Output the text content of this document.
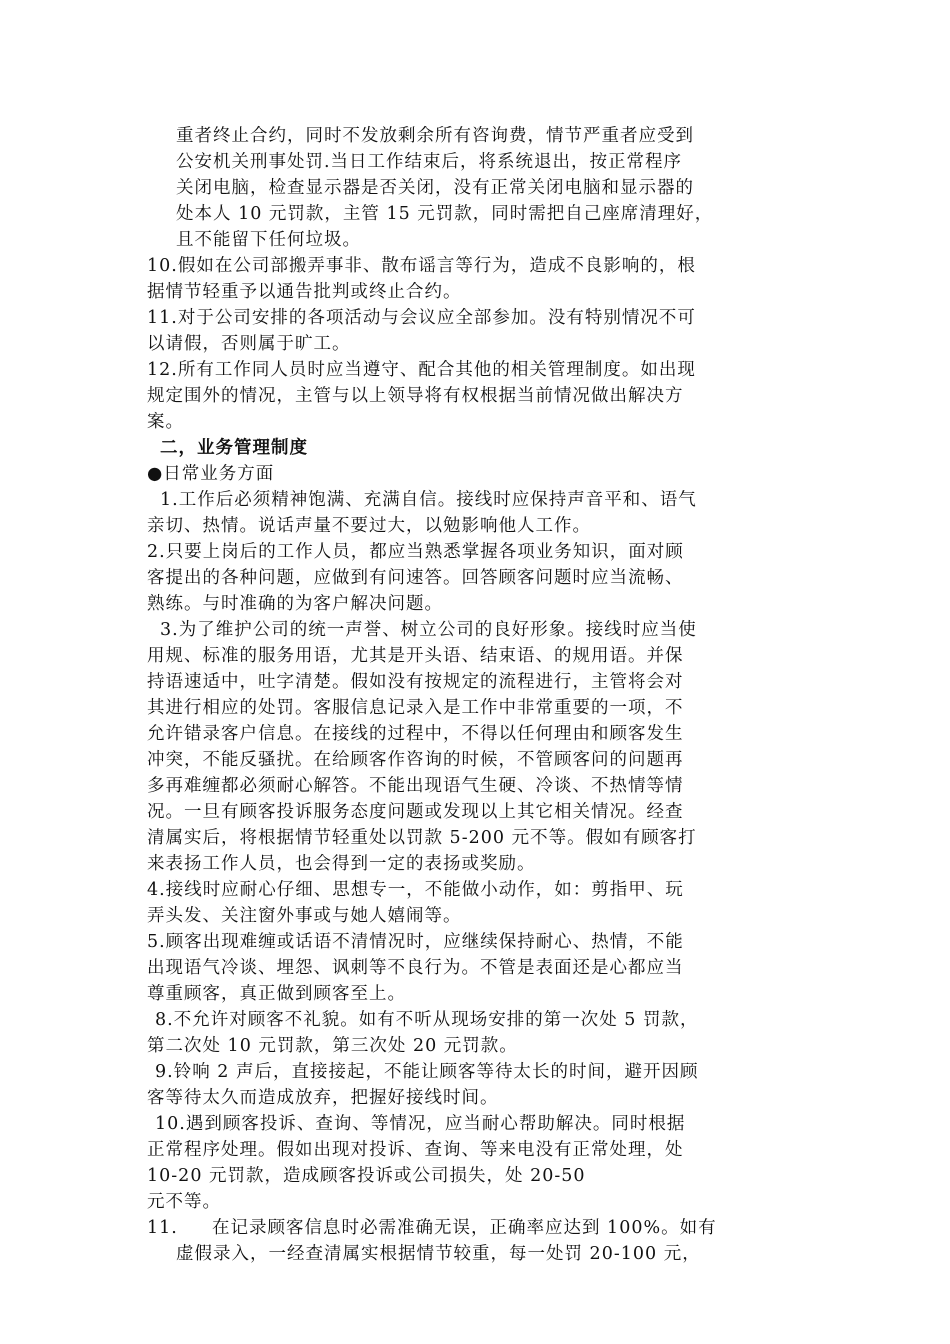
重者终止合约，同时不发放剩余所有咨询费，情节严重者应受到
公安机关刑事处罚.当日工作结束后，将系统退出，按正常程序
关闭电脑，检查显示器是否关闭，没有正常关闭电脑和显示器的
处本人 10 元罚款，主管 15 元罚款，同时需把自己座席清理好，
且不能留下任何垃圾。
10.假如在公司部搬弄事非、散布谣言等行为，造成不良影响的，根
据情节轻重予以通告批判或终止合约。
11.对于公司安排的各项活动与会议应全部参加。没有特别情况不可
以请假，否则属于旷工。
12.所有工作同人员时应当遵守、配合其他的相关管理制度。如出现
规定围外的情况，主管与以上领导将有权根据当前情况做出解决方
案。
二，业务管理制度
●日常业务方面
1.工作后必须精神饱满、充满自信。接线时应保持声音平和、语气
亲切、热情。说话声量不要过大，以勉影响他人工作。
2.只要上岗后的工作人员，都应当熟悉掌握各项业务知识，面对顾
客提出的各种问题，应做到有问速答。回答顾客问题时应当流畅、
熟练。与时准确的为客户解决问题。
3.为了维护公司的统一声誉、树立公司的良好形象。接线时应当使
用规、标准的服务用语，尤其是开头语、结束语、的规用语。并保
持语速适中，吐字清楚。假如没有按规定的流程进行，主管将会对
其进行相应的处罚。客服信息记录入是工作中非常重要的一项，不
允许错录客户信息。在接线的过程中，不得以任何理由和顾客发生
冲突，不能反骚扰。在给顾客作咨询的时候，不管顾客问的问题再
多再难缠都必须耐心解答。不能出现语气生硬、冷谈、不热情等情
况。一旦有顾客投诉服务态度问题或发现以上其它相关情况。经查
清属实后，将根据情节轻重处以罚款 5-200 元不等。假如有顾客打
来表扬工作人员，也会得到一定的表扬或奖励。
4.接线时应耐心仔细、思想专一，不能做小动作，如：剪指甲、玩
弄头发、关注窗外事或与她人嬉闹等。
5.顾客出现难缠或话语不清情况时，应继续保持耐心、热情，不能
出现语气冷谈、埋怨、讽刺等不良行为。不管是表面还是心都应当
尊重顾客，真正做到顾客至上。
8.不允许对顾客不礼貌。如有不听从现场安排的第一次处 5 罚款，
第二次处 10 元罚款，第三次处 20 元罚款。
9.铃响 2 声后，直接接起，不能让顾客等待太长的时间，避开因顾
客等待太久而造成放弃，把握好接线时间。
10.遇到顾客投诉、查询、等情况，应当耐心帮助解决。同时根据
正常程序处理。假如出现对投诉、查询、等来电没有正常处理，处
10-20 元罚款，造成顾客投诉或公司损失，处 20-50
元不等。
11. 在记录顾客信息时必需准确无误，正确率应达到 100%。如有
虚假录入，一经查清属实根据情节较重，每一处罚 20-100 元，
